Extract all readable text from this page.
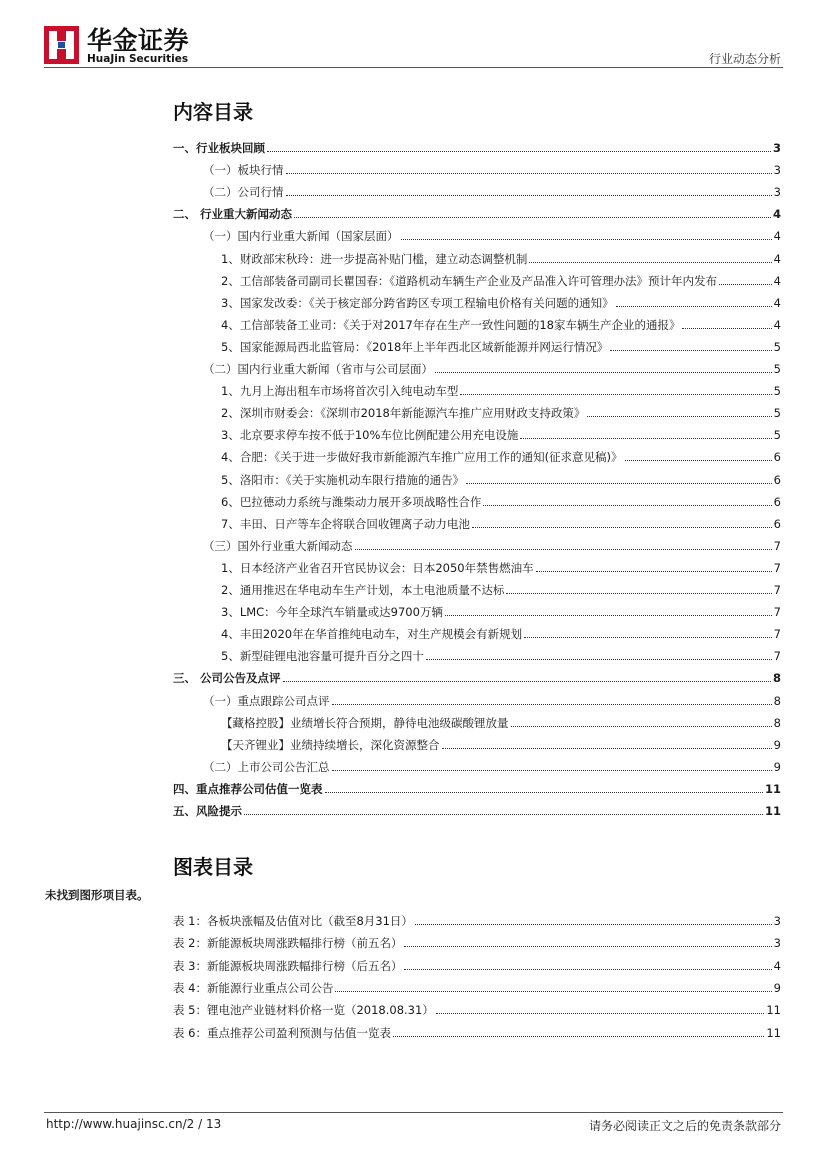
华金证券
HuaJin Securities	行业动态分析
内容目录
一、行业板块回顾	3
（一）板块行情	3
（二）公司行情	3
二、 行业重大新闻动态	4
（一）国内行业重大新闻（国家层面）	4
1、财政部宋秋玲：进一步提高补贴门槛，建立动态调整机制	4
2、工信部装备司副司长瞿国春：《道路机动车辆生产企业及产品准入许可管理办法》预计年内发布	4
3、国家发改委：《关于核定部分跨省跨区专项工程输电价格有关问题的通知》	4
4、工信部装备工业司：《关于对2017年存在生产一致性问题的18家车辆生产企业的通报》	4
5、国家能源局西北监管局：《2018年上半年西北区域新能源并网运行情况》	5
（二）国内行业重大新闻（省市与公司层面）	5
1、九月上海出租车市场将首次引入纯电动车型	5
2、深圳市财委会：《深圳市2018年新能源汽车推广应用财政支持政策》	5
3、北京要求停车按不低于10%车位比例配建公用充电设施	5
4、合肥：《关于进一步做好我市新能源汽车推广应用工作的通知(征求意见稿)》	6
5、洛阳市：《关于实施机动车限行措施的通告》	6
6、巴拉德动力系统与潍柴动力展开多项战略性合作	6
7、丰田、日产等车企将联合回收锂离子动力电池	6
（三）国外行业重大新闻动态	7
1、日本经济产业省召开官民协议会：日本2050年禁售燃油车	7
2、通用推迟在华电动车生产计划，本土电池质量不达标	7
3、LMC：今年全球汽车销量或达9700万辆	7
4、丰田2020年在华首推纯电动车，对生产规模会有新规划	7
5、新型硅锂电池容量可提升百分之四十	7
三、 公司公告及点评	8
（一）重点跟踪公司点评	8
【藏格控股】业绩增长符合预期，静待电池级碳酸锂放量	8
【天齐锂业】业绩持续增长，深化资源整合	9
（二）上市公司公告汇总	9
四、重点推荐公司估值一览表	11
五、风险提示	11
图表目录
未找到图形项目表。
表 1：各板块涨幅及估值对比（截至8月31日）	3
表 2：新能源板块周涨跌幅排行榜（前五名）	3
表 3：新能源板块周涨跌幅排行榜（后五名）	4
表 4：新能源行业重点公司公告	9
表 5：锂电池产业链材料价格一览（2018.08.31）	11
表 6：重点推荐公司盈利预测与估值一览表	11
http://www.huajinsc.cn/2 / 13	请务必阅读正文之后的免责条款部分
